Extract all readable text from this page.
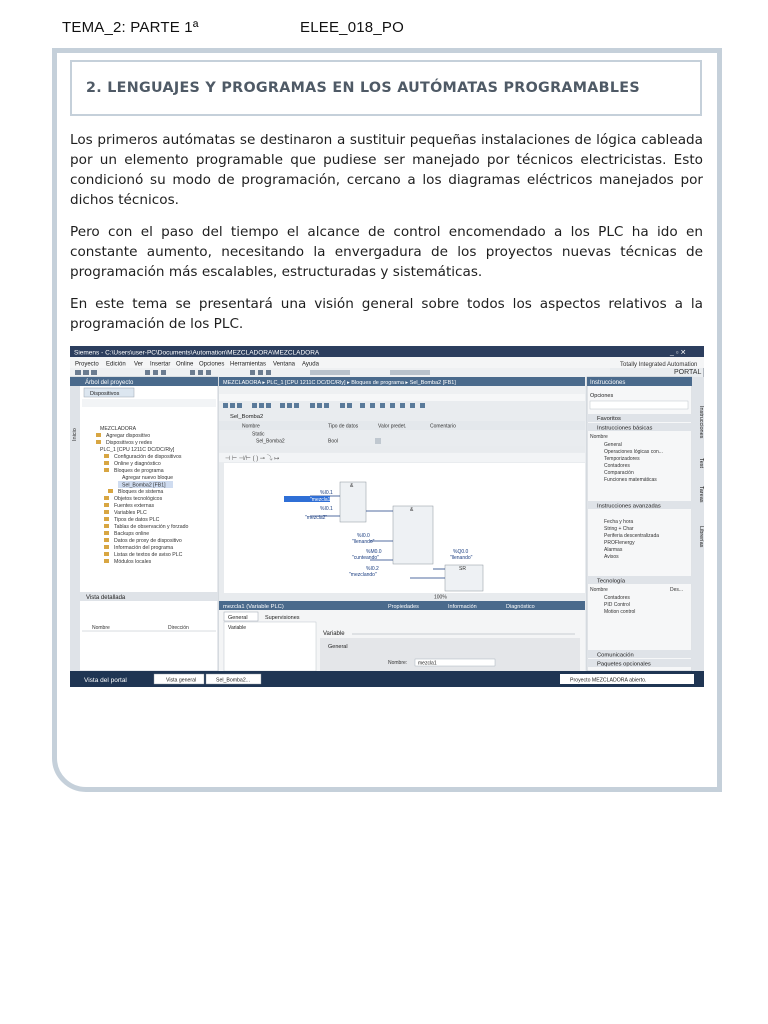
TEMA_2: PARTE 1ª	ELEE_018_PO
2. LENGUAJES Y PROGRAMAS EN LOS AUTÓMATAS PROGRAMABLES

Los primeros autómatas se destinaron a sustituir pequeñas instalaciones de lógica cableada por un elemento programable que pudiese ser manejado por técnicos electricistas. Esto condicionó su modo de programación, cercano a los diagramas eléctricos manejados por dichos técnicos.

Pero con el paso del tiempo el alcance de control encomendado a los PLC ha ido en constante aumento, necesitando la envergadura de los proyectos nuevas técnicas de programación más escalables, estructuradas y sistemáticas.

En este tema se presentará una visión general sobre todos los aspectos relativos a la programación de los PLC.

Siemens - C:\Users\user-PC\Documents\Automation\MEZCLADORA\MEZCLADORA	_ ▫ ✕
Proyecto Edición Ver Insertar Online Opciones Herramientas Ventana Ayuda	Totally Integrated Automation
PORTAL
Árbol del proyecto
Inicio
Dispositivos
MEZCLADORA
Agregar dispositivo
Dispositivos y redes
PLC_1 [CPU 1211C DC/DC/Rly]
Configuración de dispositivos
Online y diagnóstico
Bloques de programa
Agregar nuevo bloque
Sel_Bomba2 [FB1]
Bloques de sistema
Objetos tecnológicos
Fuentes externas
Variables PLC
Tipos de datos PLC
Tablas de observación y forzado
Backups online
Datos de proxy de dispositivo
Información del programa
Listas de textos de aviso PLC
Módulos locales
Vista detallada
Nombre	Dirección
MEZCLADORA ▸ PLC_1 [CPU 1211C DC/DC/Rly] ▸ Bloques de programa ▸ Sel_Bomba2 [FB1]
Sel_Bomba2
Nombre	Tipo de datos	Valor predet.	Comentario
Static
Sel_Bomba2	Bool
⊣ ⊢ ⊣/⊢ ( ) ⊸ ⤵ ↦
&
&
SR
%I0.1
"mezcla1"
%I0.1
"mezcla2"
%I0.0
"llenando"
%M0.0
"cunteando"
%I0.2
"mezclando"
%Q0.0
"llenando"
100%
mezcla1 (Variable PLC)	Propiedades	Información	Diagnóstico
General	Supervisiones
Variable
Variable
General
Nombre: mezcla1
Instrucciones
Opciones
Favoritos
Instrucciones básicas
Nombre
General
Operaciones lógicas con...
Temporizadores
Contadores
Comparación
Funciones matemáticas
Instrucciones avanzadas
Fecha y hora
String + Char
Periferia descentralizada
PROFIenergy
Alarmas
Avisos
Tecnología
Nombre	Des...
Contadores
PID Control
Motion control
Comunicación
Paquetes opcionales
Instrucciones
Test
Tareas
Librerías
Vista del portal	Vista general	Sel_Bomba2...	Proyecto MEZCLADORA abierto.
